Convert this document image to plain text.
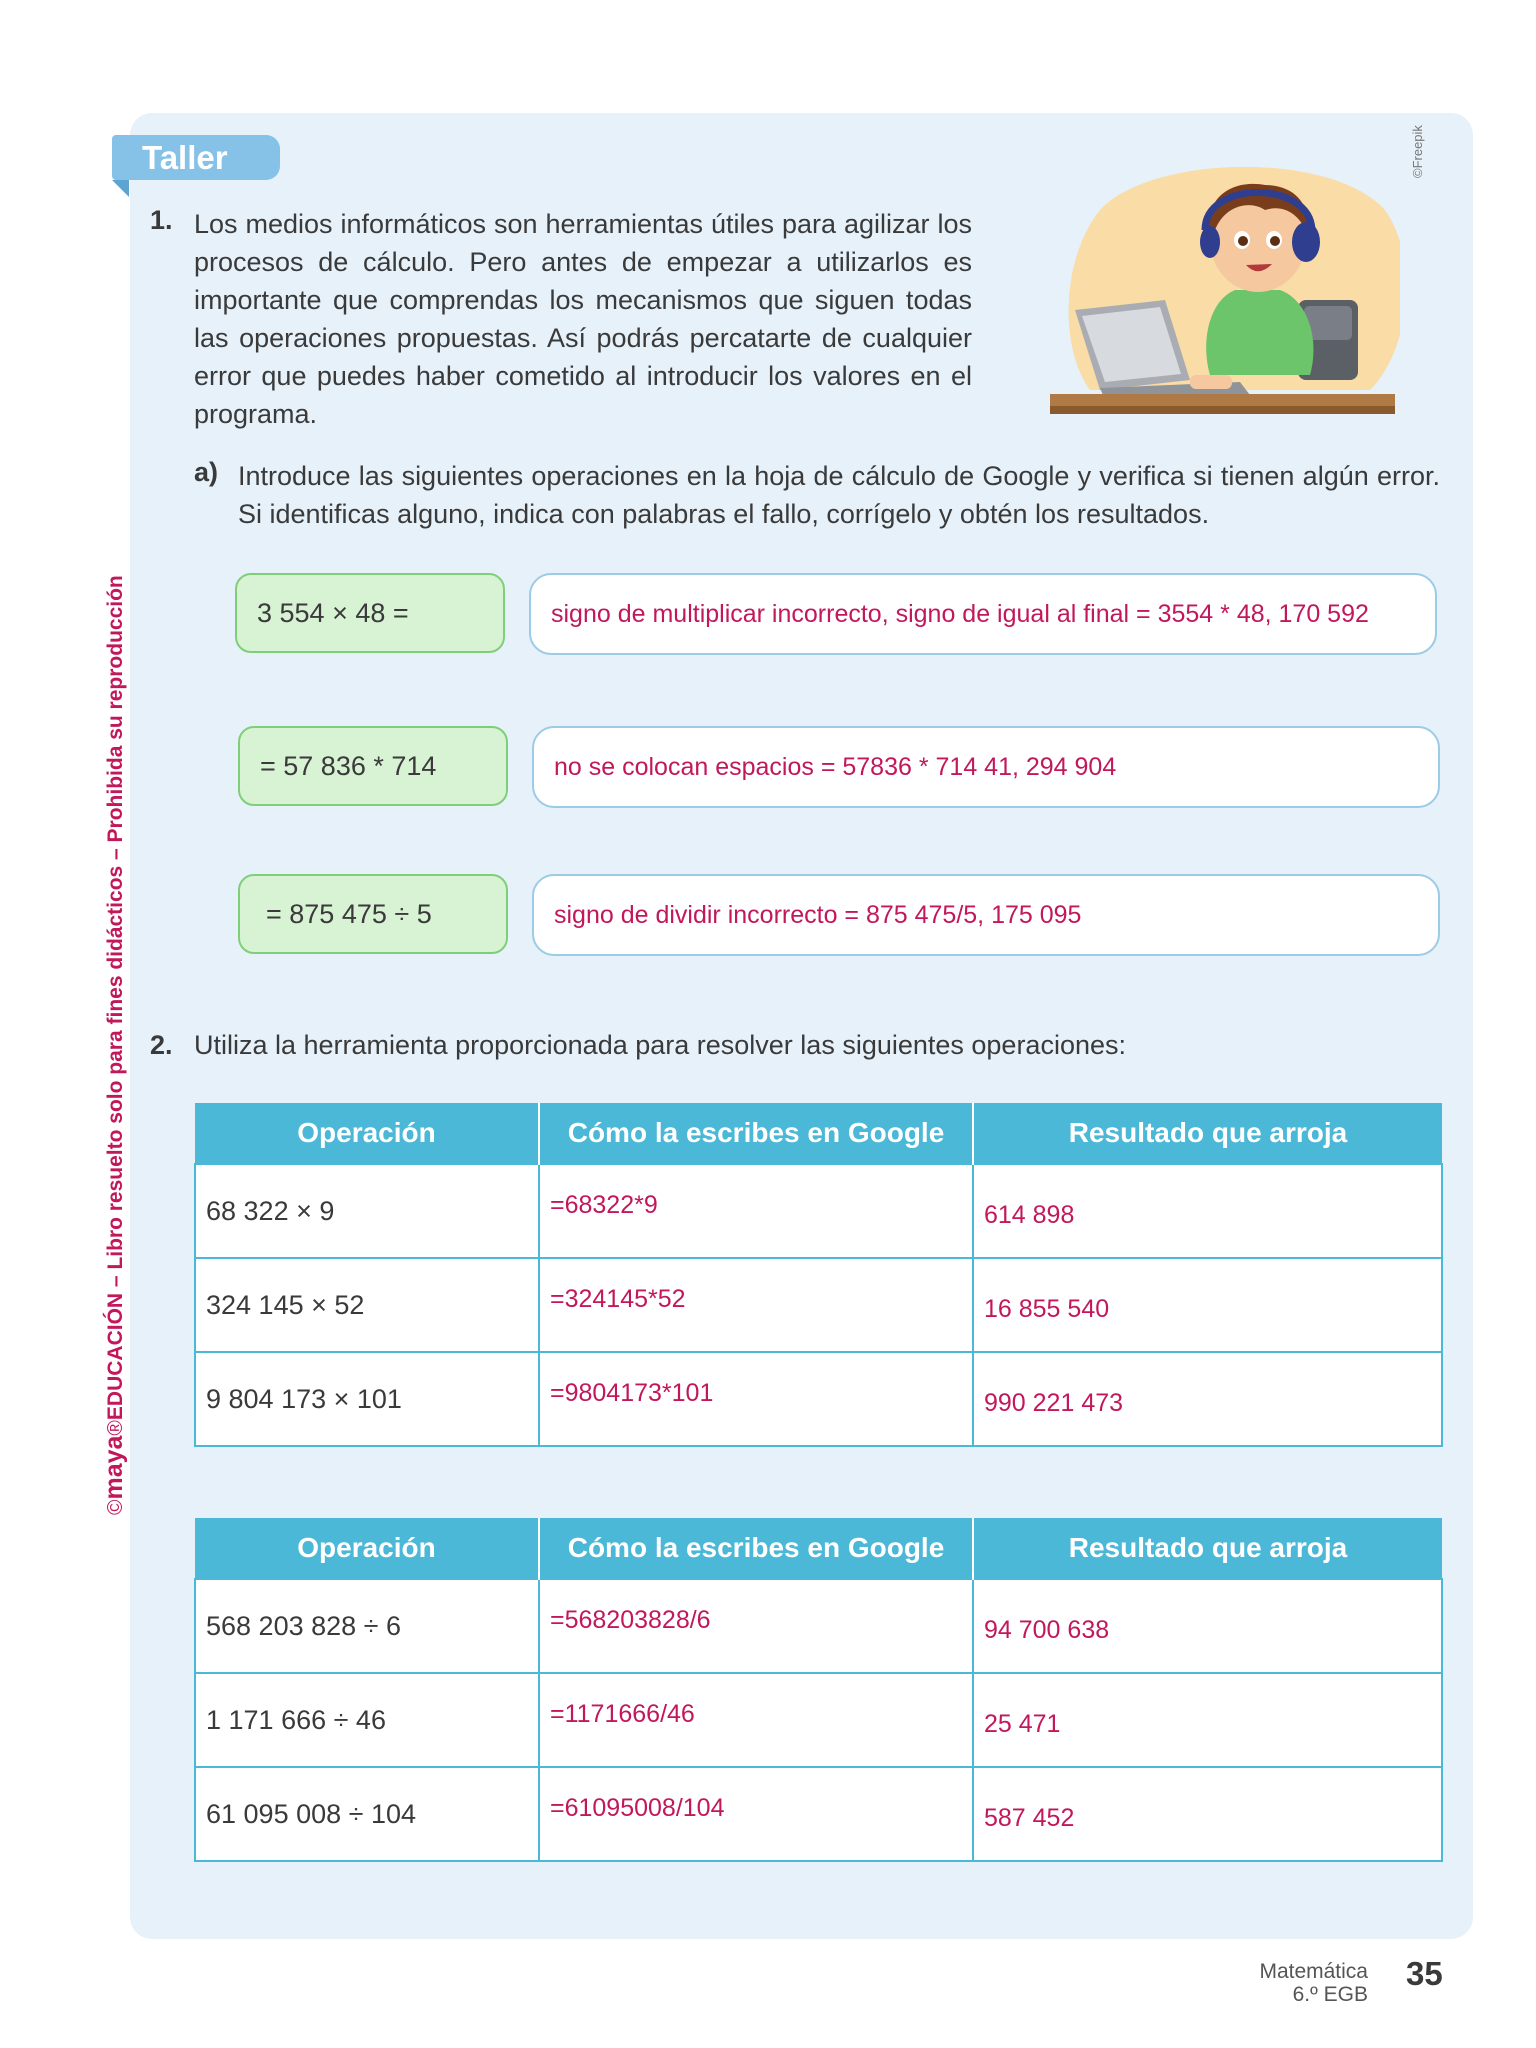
©maya®EDUCACIÓN – Libro resuelto solo para fines didácticos – Prohibida su reproducción
Taller
1. Los medios informáticos son herramientas útiles para agilizar los procesos de cálculo. Pero antes de empezar a utilizarlos es importante que comprendas los mecanismos que siguen todas las operaciones propuestas. Así podrás percatarte de cualquier error que puedes haber cometido al introducir los valores en el programa.
©Freepik
a) Introduce las siguientes operaciones en la hoja de cálculo de Google y verifica si tienen algún error. Si identificas alguno, indica con palabras el fallo, corrígelo y obtén los resultados.
3 554 × 48 =	signo de multiplicar incorrecto, signo de igual al final = 3554 * 48, 170 592
= 57 836 * 714	no se colocan espacios = 57836 * 714 41, 294 904
= 875 475 ÷ 5	signo de dividir incorrecto = 875 475/5, 175 095
2. Utiliza la herramienta proporcionada para resolver las siguientes operaciones:
Operación	Cómo la escribes en Google	Resultado que arroja
68 322 × 9	=68322*9	614 898
324 145 × 52	=324145*52	16 855 540
9 804 173 × 101	=9804173*101	990 221 473
Operación	Cómo la escribes en Google	Resultado que arroja
568 203 828 ÷ 6	=568203828/6	94 700 638
1 171 666 ÷ 46	=1171666/46	25 471
61 095 008 ÷ 104	=61095008/104	587 452
Matemática
6.º EGB
35
